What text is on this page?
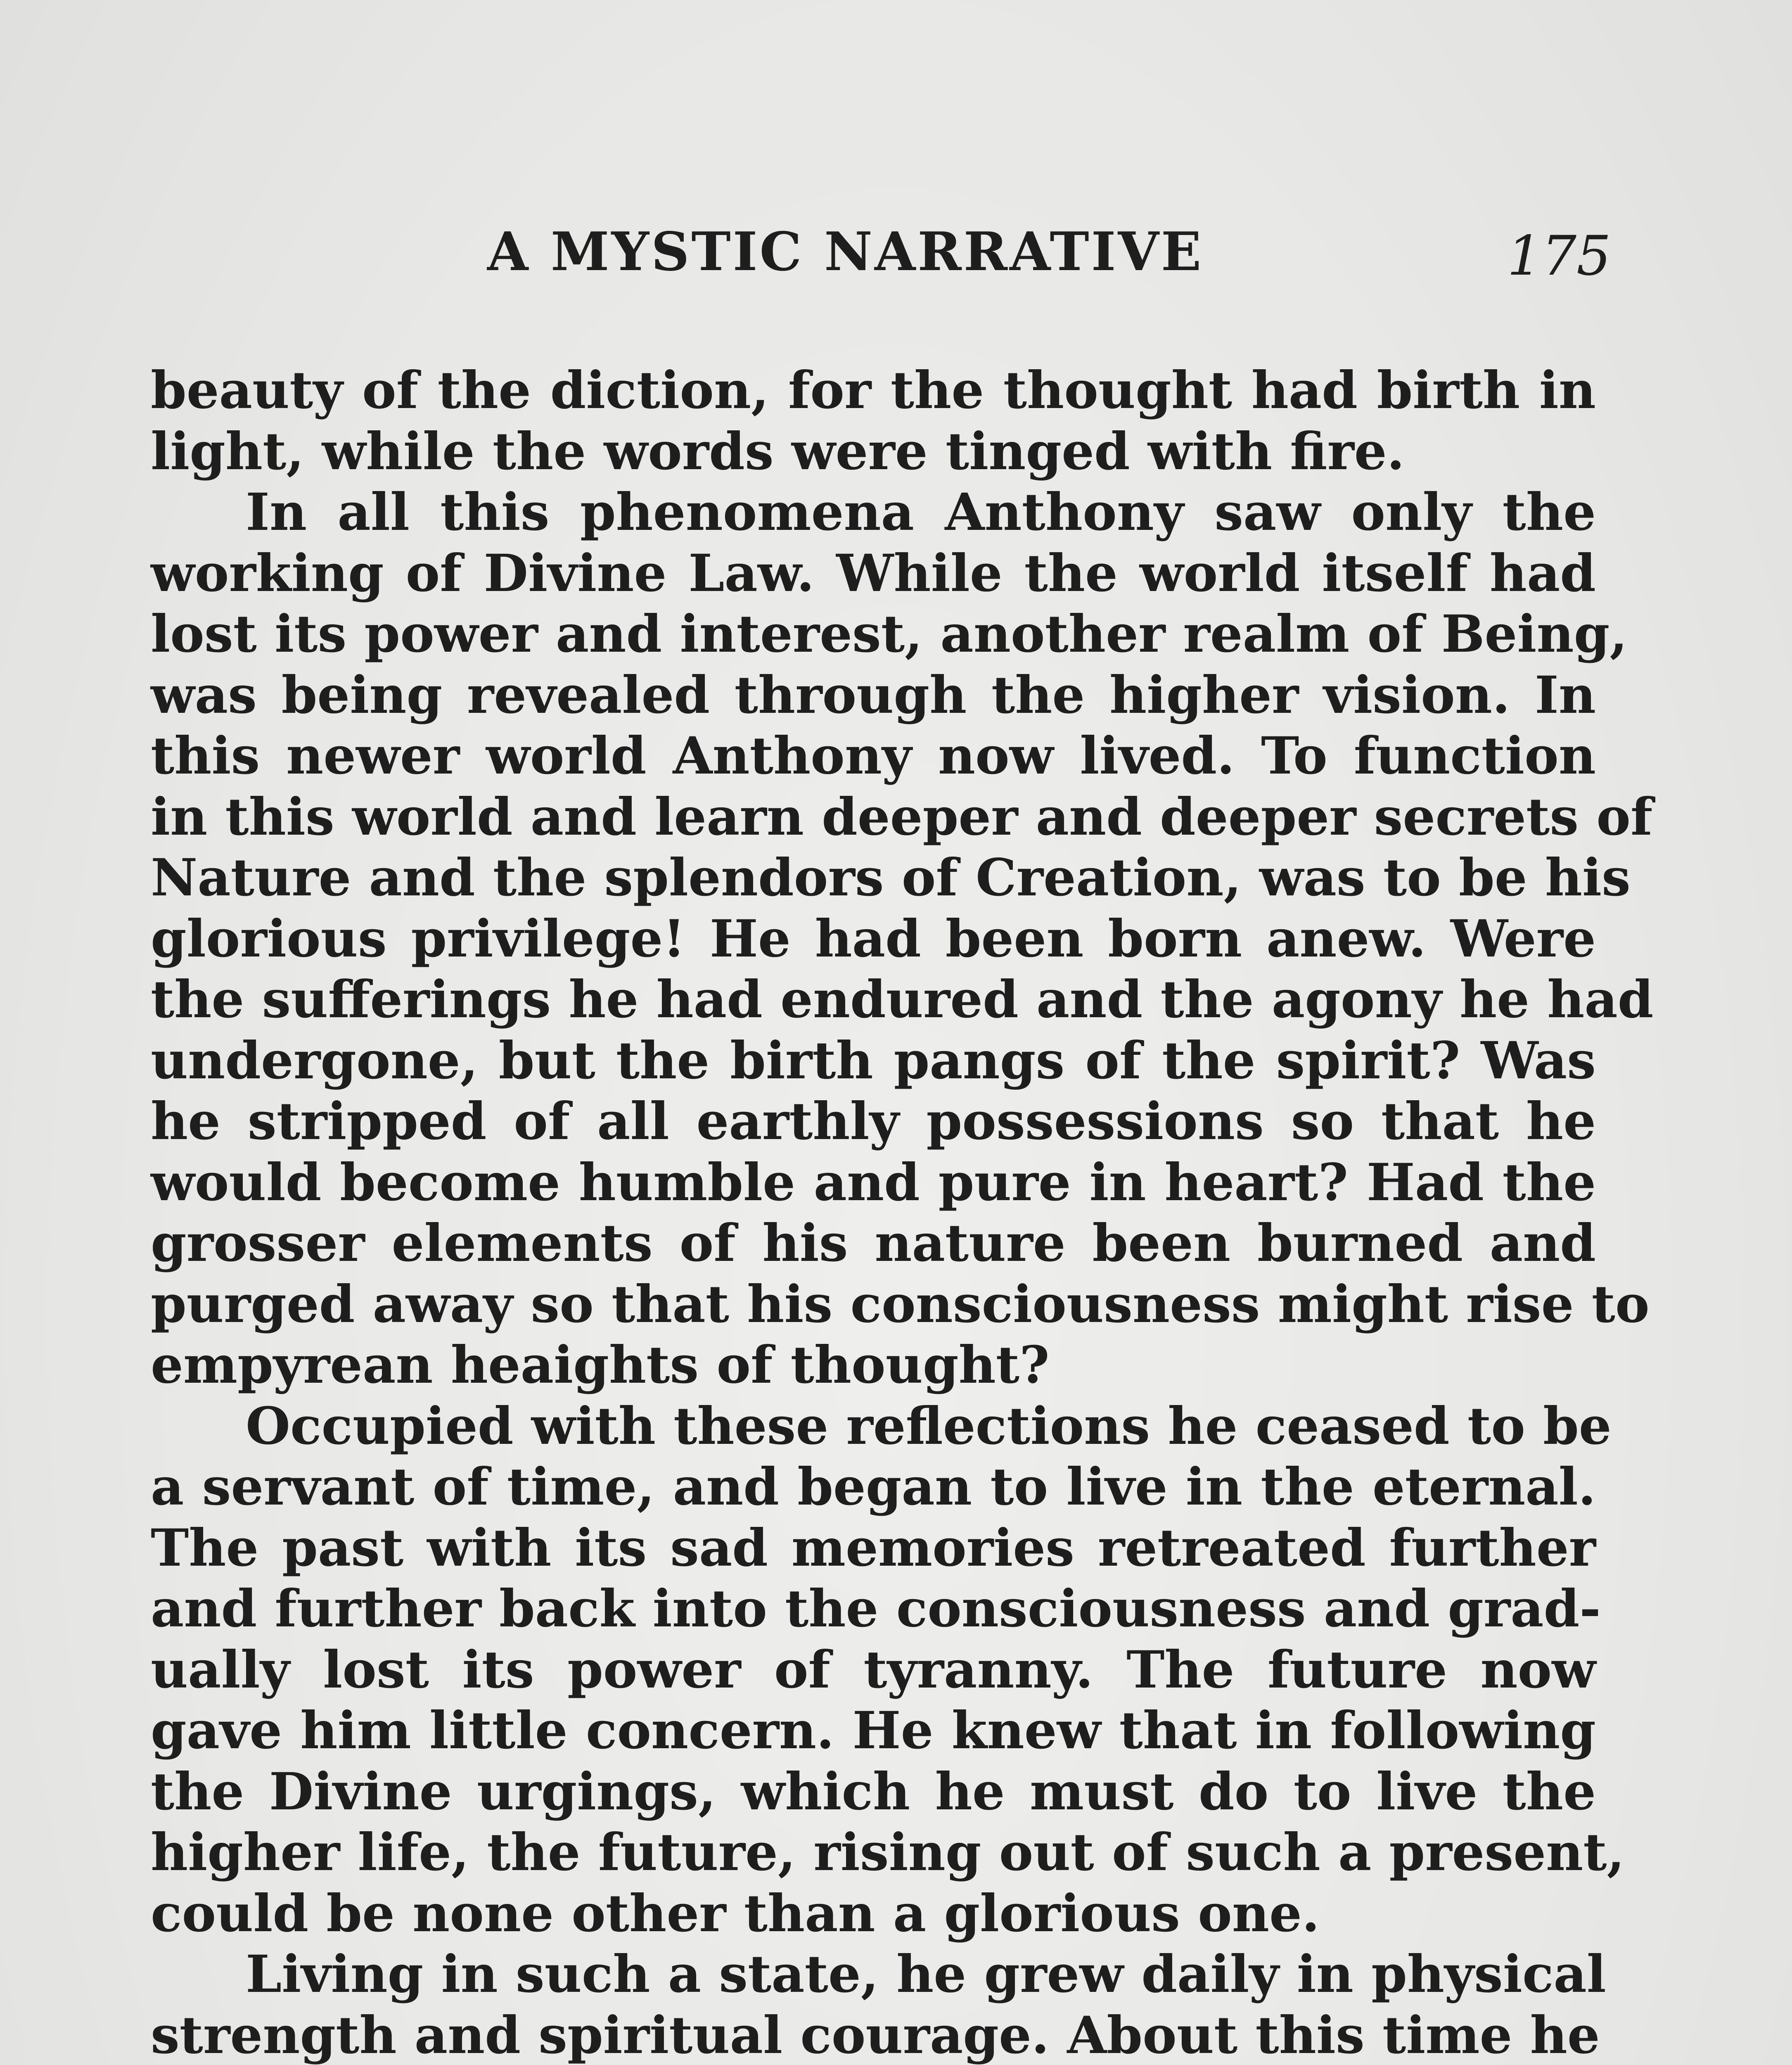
A MYSTIC NARRATIVE	175
beauty of the diction, for the thought had birth in
light, while the words were tinged with fire.
In all this phenomena Anthony saw only the
working of Divine Law. While the world itself had
lost its power and interest, another realm of Being,
was being revealed through the higher vision. In
this newer world Anthony now lived. To function
in this world and learn deeper and deeper secrets of
Nature and the splendors of Creation, was to be his
glorious privilege! He had been born anew. Were
the sufferings he had endured and the agony he had
undergone, but the birth pangs of the spirit? Was
he stripped of all earthly possessions so that he
would become humble and pure in heart? Had the
grosser elements of his nature been burned and
purged away so that his consciousness might rise to
empyrean heaights of thought?
Occupied with these reflections he ceased to be
a servant of time, and began to live in the eternal.
The past with its sad memories retreated further
and further back into the consciousness and grad-
ually lost its power of tyranny. The future now
gave him little concern. He knew that in following
the Divine urgings, which he must do to live the
higher life, the future, rising out of such a present,
could be none other than a glorious one.
Living in such a state, he grew daily in physical
strength and spiritual courage. About this time he
